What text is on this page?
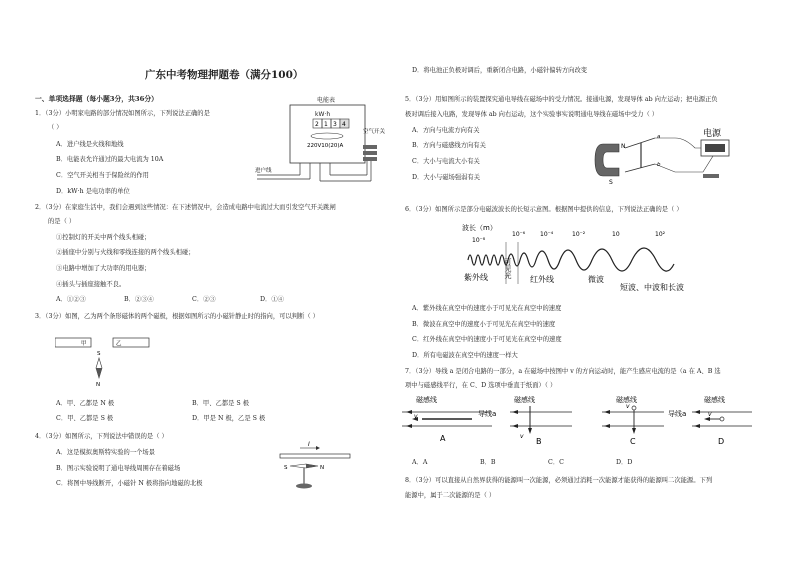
广东中考物理押题卷（满分100）
一、单项选择题（每小题3分，共36分）
1．（3分）小明家电路的部分情况如图所示，下列说法正确的是
（ ）
A．进户线是火线和地线
B．电能表允许通过的最大电流为 10A
C．空气开关相当于保险丝的作用
D．kW·h 是电功率的单位
电能表
kW·h
2 1 3 4
220V10(20)A
进户线
空气开关
2．（3分）在家庭生活中，我们会遇到这些情况：在下述情况中，会造成电路中电流过大而引发空气开关跳闸
的是（ ）
①控制灯的开关中两个线头相碰；
②插座中分别与火线和零线连接的两个线头相碰；
③电路中增加了大功率的用电器；
④插头与插座接触不良。
A．①②③	B．②③④	C．②③	D．①④
3．（3分）如图，乙为两个条形磁体的两个磁极，根据如图所示的小磁针静止时的指向，可以判断（ ）
甲	乙
S
N
A．甲、乙都是 N 极	B．甲、乙都是 S 极
C．甲、乙都是 S 极	D．甲是 N 极，乙是 S 极
4．（3分）如图所示，下列说法中错误的是（ ）
A．这是模拟奥斯特实验的一个场景
B．图示实验说明了通电导线周围存在着磁场
C．将图中导线断开，小磁针 N 极将指向地磁的北极
I
S	N
D．将电池正负极对调后，重新闭合电路，小磁针偏转方向改变
5．（3分）用如图所示的装置探究通电导线在磁场中的受力情况。接通电源，发现导体 ab 向左运动；把电源正负
极对调后接入电路，发现导体 ab 向右运动，这个实验事实说明通电导线在磁场中受力（ ）
A．方向与电流方向有关
B．方向与磁感线方向有关
C．大小与电流大小有关
D．大小与磁场强弱有关
电源
N
S
a
b
6．（3分）如图所示是部分电磁波波长的长短示意图。根据图中提供的信息，下列说法正确的是（ ）
波长（m）
10⁻⁸
10⁻⁶ 10⁻⁴	10⁻²	10	10²
紫外线 可见光
红外线	微波
短波、中波和长波
A．紫外线在真空中的速度小于可见光在真空中的速度
B．微波在真空中的速度小于可见光在真空中的速度
C．红外线在真空中的速度小于可见光在真空中的速度
D．所有电磁波在真空中的速度一样大
7．（3分）导线 a 是闭合电路的一部分，a 在磁场中按图中 v 的方向运动时，能产生感应电流的是（a 在 A、B 选
项中与磁感线平行，在 C、D 选项中垂直于纸面）（ ）
磁感线
v
A
导线a
磁感线
v
B
磁感线
v
C
导线a
磁感线
v
D
A．A	B．B	C．C	D．D
8．（3分）可以直接从自然界获得的能源叫一次能源，必须通过消耗一次能源才能获得的能源叫二次能源。下列
能源中，属于二次能源的是（ ）
